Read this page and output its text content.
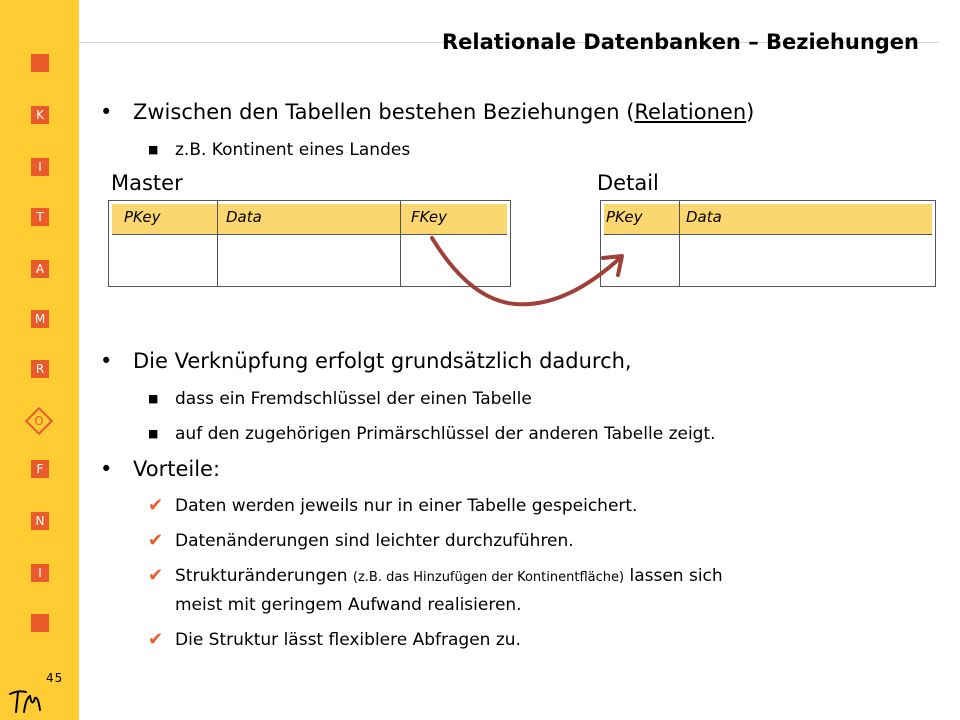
K
I
T
A
M
R
O
F
N
I
45
Relationale Datenbanken – Beziehungen
• Zwischen den Tabellen bestehen Beziehungen (Relationen)
■ z.B. Kontinent eines Landes
Master
PKey	Data	FKey
Detail
PKey	Data
• Die Verknüpfung erfolgt grundsätzlich dadurch,
■ dass ein Fremdschlüssel der einen Tabelle
■ auf den zugehörigen Primärschlüssel der anderen Tabelle zeigt.
• Vorteile:
✔ Daten werden jeweils nur in einer Tabelle gespeichert.
✔ Datenänderungen sind leichter durchzuführen.
✔ Strukturänderungen (z.B. das Hinzufügen der Kontinentfläche) lassen sich
meist mit geringem Aufwand realisieren.
✔ Die Struktur lässt flexiblere Abfragen zu.
